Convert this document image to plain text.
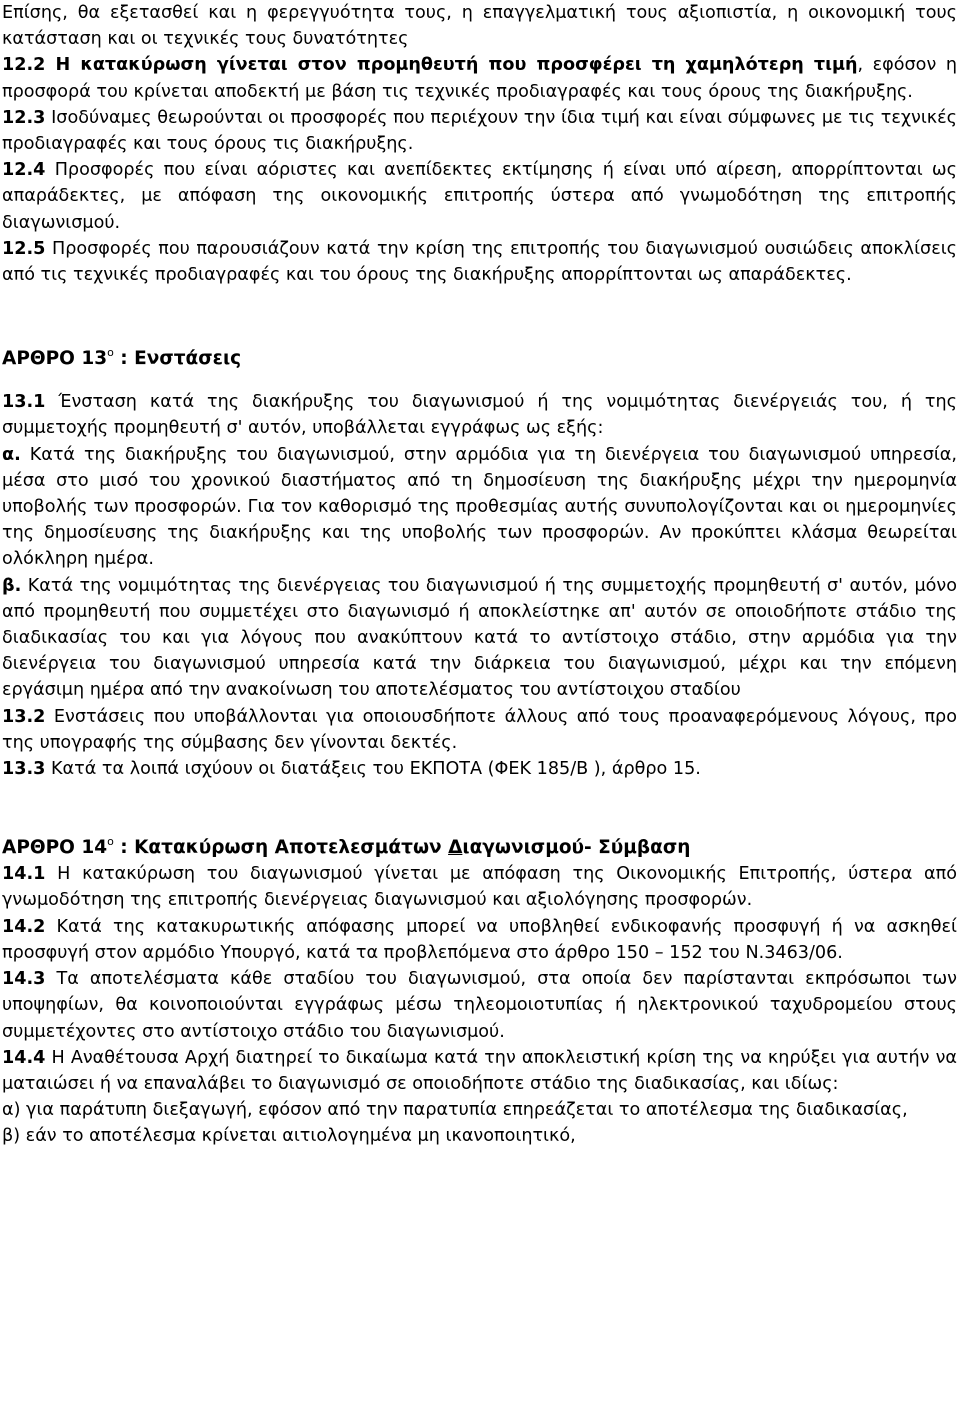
Επίσης, θα εξετασθεί και η φερεγγυότητα τους, η επαγγελματική τους αξιοπιστία, η οικονομική τους κατάσταση και οι τεχνικές τους δυνατότητες

12.2 Η κατακύρωση γίνεται στον προμηθευτή που προσφέρει τη χαμηλότερη τιμή, εφόσον η προσφορά του κρίνεται αποδεκτή με βάση τις τεχνικές προδιαγραφές και τους όρους της διακήρυξης.

12.3 Ισοδύναμες θεωρούνται οι προσφορές που περιέχουν την ίδια τιμή και είναι σύμφωνες με τις τεχνικές προδιαγραφές και τους όρους τις διακήρυξης.

12.4 Προσφορές που είναι αόριστες και ανεπίδεκτες εκτίμησης ή είναι υπό αίρεση, απορρίπτονται ως απαράδεκτες, με απόφαση της οικονομικής επιτροπής ύστερα από γνωμοδότηση της επιτροπής διαγωνισμού.

12.5 Προσφορές που παρουσιάζουν κατά την κρίση της επιτροπής του διαγωνισμού ουσιώδεις αποκλίσεις από τις τεχνικές προδιαγραφές και του όρους της διακήρυξης απορρίπτονται ως απαράδεκτες.

ΑΡΘΡΟ $13^o$ : Ενστάσεις

13.1 Ένσταση κατά της διακήρυξης του διαγωνισμού ή της νομιμότητας διενέργειάς του, ή της συμμετοχής προμηθευτή σ' αυτόν, υποβάλλεται εγγράφως ως εξής:

α. Κατά της διακήρυξης του διαγωνισμού, στην αρμόδια για τη διενέργεια του διαγωνισμού υπηρεσία, μέσα στο μισό του χρονικού διαστήματος από τη δημοσίευση της διακήρυξης μέχρι την ημερομηνία υποβολής των προσφορών. Για τον καθορισμό της προθεσμίας αυτής συνυπολογίζονται και οι ημερομηνίες της δημοσίευσης της διακήρυξης και της υποβολής των προσφορών. Αν προκύπτει κλάσμα θεωρείται ολόκληρη ημέρα.

β. Κατά της νομιμότητας της διενέργειας του διαγωνισμού ή της συμμετοχής προμηθευτή σ' αυτόν, μόνο από προμηθευτή που συμμετέχει στο διαγωνισμό ή αποκλείστηκε απ' αυτόν σε οποιοδήποτε στάδιο της διαδικασίας του και για λόγους που ανακύπτουν κατά το αντίστοιχο στάδιο, στην αρμόδια για την διενέργεια του διαγωνισμού υπηρεσία κατά την διάρκεια του διαγωνισμού, μέχρι και την επόμενη εργάσιμη ημέρα από την ανακοίνωση του αποτελέσματος του αντίστοιχου σταδίου

13.2 Ενστάσεις που υποβάλλονται για οποιουσδήποτε άλλους από τους προαναφερόμενους λόγους, προ της υπογραφής της σύμβασης δεν γίνονται δεκτές.

13.3 Κατά τα λοιπά ισχύουν οι διατάξεις του ΕΚΠΟΤΑ (ΦΕΚ 185/Β ), άρθρο 15.

ΑΡΘΡΟ $14^o$ : Κατακύρωση Αποτελεσμάτων Διαγωνισμού- Σύμβαση

14.1 Η κατακύρωση του διαγωνισμού γίνεται με απόφαση της Οικονομικής Επιτροπής, ύστερα από γνωμοδότηση της επιτροπής διενέργειας διαγωνισμού και αξιολόγησης προσφορών.

14.2 Κατά της κατακυρωτικής απόφασης μπορεί να υποβληθεί ενδικοφανής προσφυγή ή να ασκηθεί προσφυγή στον αρμόδιο Υπουργό, κατά τα προβλεπόμενα στο άρθρο 150 – 152 του Ν.3463/06.

14.3 Τα αποτελέσματα κάθε σταδίου του διαγωνισμού, στα οποία δεν παρίστανται εκπρόσωποι των υποψηφίων, θα κοινοποιούνται εγγράφως μέσω τηλεομοιοτυπίας ή ηλεκτρονικού ταχυδρομείου στους συμμετέχοντες στο αντίστοιχο στάδιο του διαγωνισμού.

14.4 Η Αναθέτουσα Αρχή διατηρεί το δικαίωμα κατά την αποκλειστική κρίση της να κηρύξει για αυτήν να ματαιώσει ή να επαναλάβει το διαγωνισμό σε οποιοδήποτε στάδιο της διαδικασίας, και ιδίως:

α) για παράτυπη διεξαγωγή, εφόσον από την παρατυπία επηρεάζεται το αποτέλεσμα της διαδικασίας,

β) εάν το αποτέλεσμα κρίνεται αιτιολογημένα μη ικανοποιητικό,
